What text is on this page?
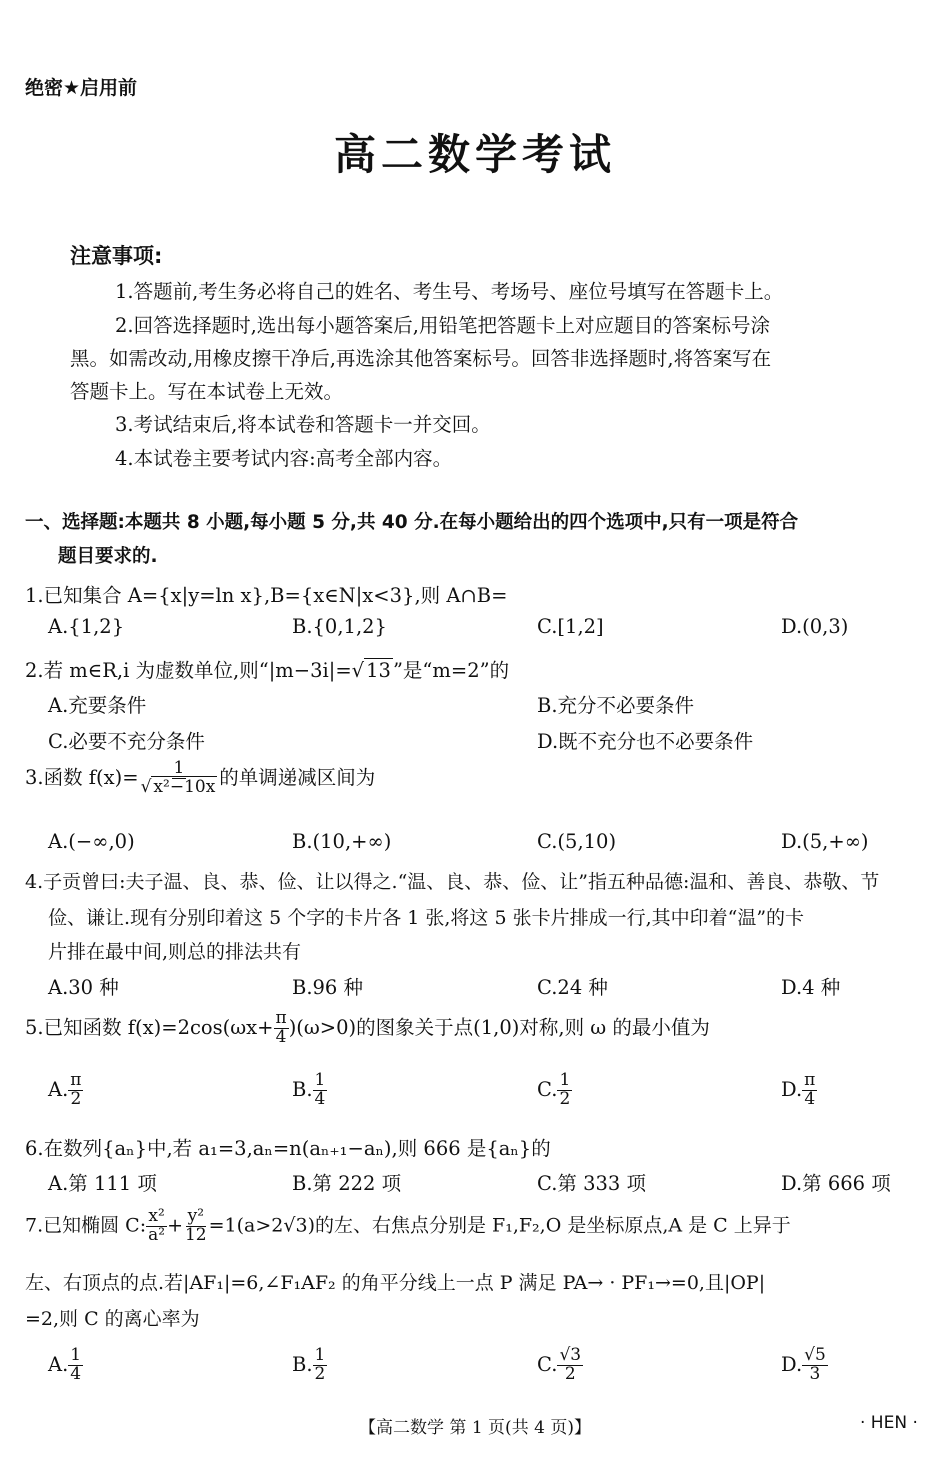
绝密★启用前
高二数学考试
注意事项:
1.答题前,考生务必将自己的姓名、考生号、考场号、座位号填写在答题卡上。
2.回答选择题时,选出每小题答案后,用铅笔把答题卡上对应题目的答案标号涂
黑。如需改动,用橡皮擦干净后,再选涂其他答案标号。回答非选择题时,将答案写在
答题卡上。写在本试卷上无效。
3.考试结束后,将本试卷和答题卡一并交回。
4.本试卷主要考试内容:高考全部内容。
一、选择题:本题共 8 小题,每小题 5 分,共 40 分.在每小题给出的四个选项中,只有一项是符合
题目要求的.
1.已知集合 A={x|y=ln x},B={x∈N|x<3},则 A∩B=
A.{1,2}	B.{0,1,2}	C.[1,2]	D.(0,3)
2.若 m∈R,i 为虚数单位,则“|m−3i|=√ 13 ”是“m=2”的
A.充要条件	B.充分不必要条件
C.必要不充分条件	D.既不充分也不必要条件
3.函数 $f(x)= \frac{1}{\text{√ x²−10x}}$ 的单调递减区间为
A.(−∞,0)	B.(10,+∞)	C.(5,10)	D.(5,+∞)
4.子贡曾曰:夫子温、良、恭、俭、让以得之.“温、良、恭、俭、让”指五种品德:温和、善良、恭敬、节
俭、谦让.现有分别印着这 5 个字的卡片各 1 张,将这 5 张卡片排成一行,其中印着“温”的卡
片排在最中间,则总的排法共有
A.30 种	B.96 种	C.24 种	D.4 种
5.已知函数 $f(x)=2\cos(\omega x+ \frac{\pi}{4} )(\omega>0)$的图象关于点(1,0)对称,则 ω 的最小值为
A. $\frac{\pi}{2}$	B. $\frac{1}{4}$	C. $\frac{1}{2}$	D. $\frac{\pi}{4}$
6.在数列{aₙ}中,若 a₁=3,aₙ=n(aₙ₊₁−aₙ),则 666 是{aₙ}的
A.第 111 项	B.第 222 项	C.第 333 项	D.第 666 项
7.已知椭圆 C: $\frac{\text{x²}}{\text{a²}} + \frac{\text{y²}}{12} =1(a>2√3)$的左、右焦点分别是 F₁,F₂,O 是坐标原点,A 是 C 上异于
左、右顶点的点.若|AF₁|=6,∠F₁AF₂ 的角平分线上一点 P 满足 PA→ · PF₁→=0,且|OP|
=2,则 C 的离心率为
A. $\frac{1}{4}$	B. $\frac{1}{2}$	C. $\frac{√3}{2}$	D. $\frac{√5}{3}$
【高二数学 第 1 页(共 4 页)】	· HEN ·
